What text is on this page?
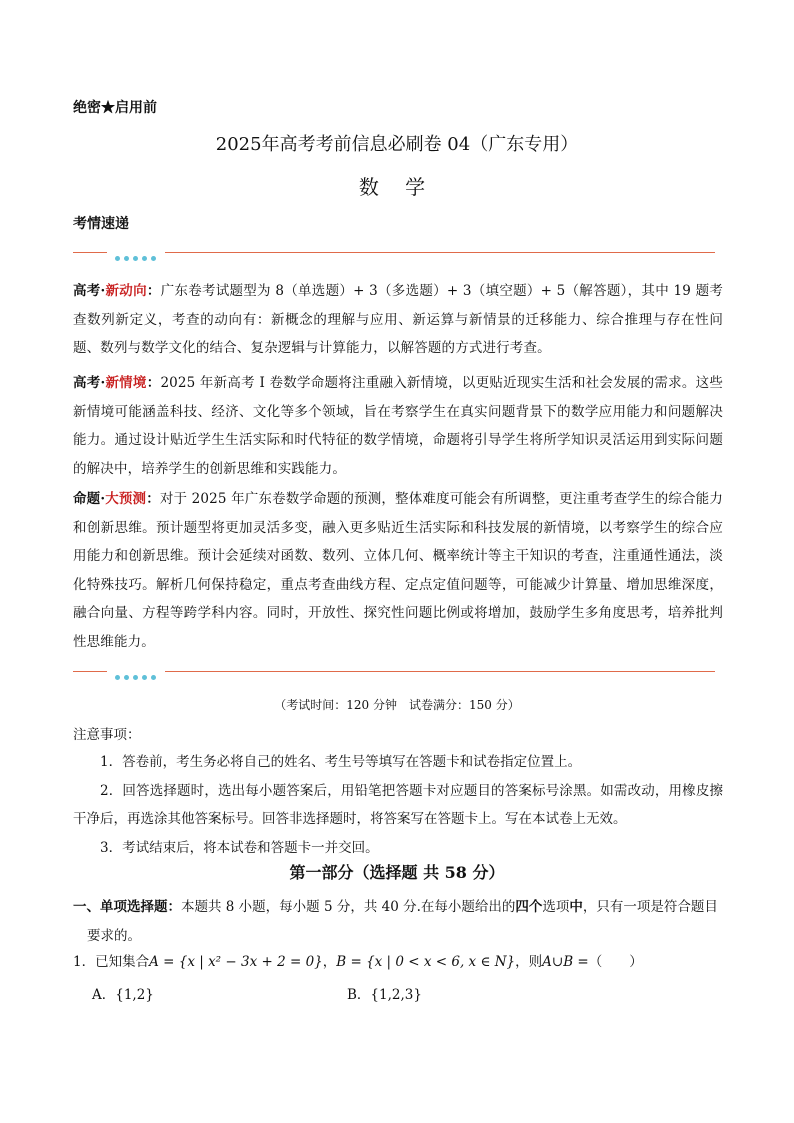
绝密★启用前
2025年高考考前信息必刷卷 04（广东专用）
数 学
考情速递
高考·新动向：广东卷考试题型为 8（单选题）+ 3（多选题）+ 3（填空题）+ 5（解答题），其中 19 题考查数列新定义，考查的动向有：新概念的理解与应用、新运算与新情景的迁移能力、综合推理与存在性问题、数列与数学文化的结合、复杂逻辑与计算能力，以解答题的方式进行考查。
高考·新情境：2025 年新高考 I 卷数学命题将注重融入新情境，以更贴近现实生活和社会发展的需求。这些新情境可能涵盖科技、经济、文化等多个领域，旨在考察学生在真实问题背景下的数学应用能力和问题解决能力。通过设计贴近学生生活实际和时代特征的数学情境，命题将引导学生将所学知识灵活运用到实际问题的解决中，培养学生的创新思维和实践能力。
命题·大预测：对于 2025 年广东卷数学命题的预测，整体难度可能会有所调整，更注重考查学生的综合能力和创新思维。预计题型将更加灵活多变，融入更多贴近生活实际和科技发展的新情境，以考察学生的综合应用能力和创新思维。预计会延续对函数、数列、立体几何、概率统计等主干知识的考查，注重通性通法，淡化特殊技巧。解析几何保持稳定，重点考查曲线方程、定点定值问题等，可能减少计算量、增加思维深度，融合向量、方程等跨学科内容。同时，开放性、探究性问题比例或将增加，鼓励学生多角度思考，培养批判性思维能力。
（考试时间：120 分钟　试卷满分：150 分）
注意事项：
1．答卷前，考生务必将自己的姓名、考生号等填写在答题卡和试卷指定位置上。
2．回答选择题时，选出每小题答案后，用铅笔把答题卡对应题目的答案标号涂黑。如需改动，用橡皮擦干净后，再选涂其他答案标号。回答非选择题时，将答案写在答题卡上。写在本试卷上无效。
3．考试结束后，将本试卷和答题卡一并交回。
第一部分（选择题 共 58 分）
一、单项选择题：本题共 8 小题，每小题 5 分，共 40 分.在每小题给出的四个选项中，只有一项是符合题目
要求的。
1．已知集合A = {x | x² − 3x + 2 = 0}，B = {x | 0 < x < 6, x ∈ N}，则A∪B =（　　）
A．{1,2}	B．{1,2,3}
